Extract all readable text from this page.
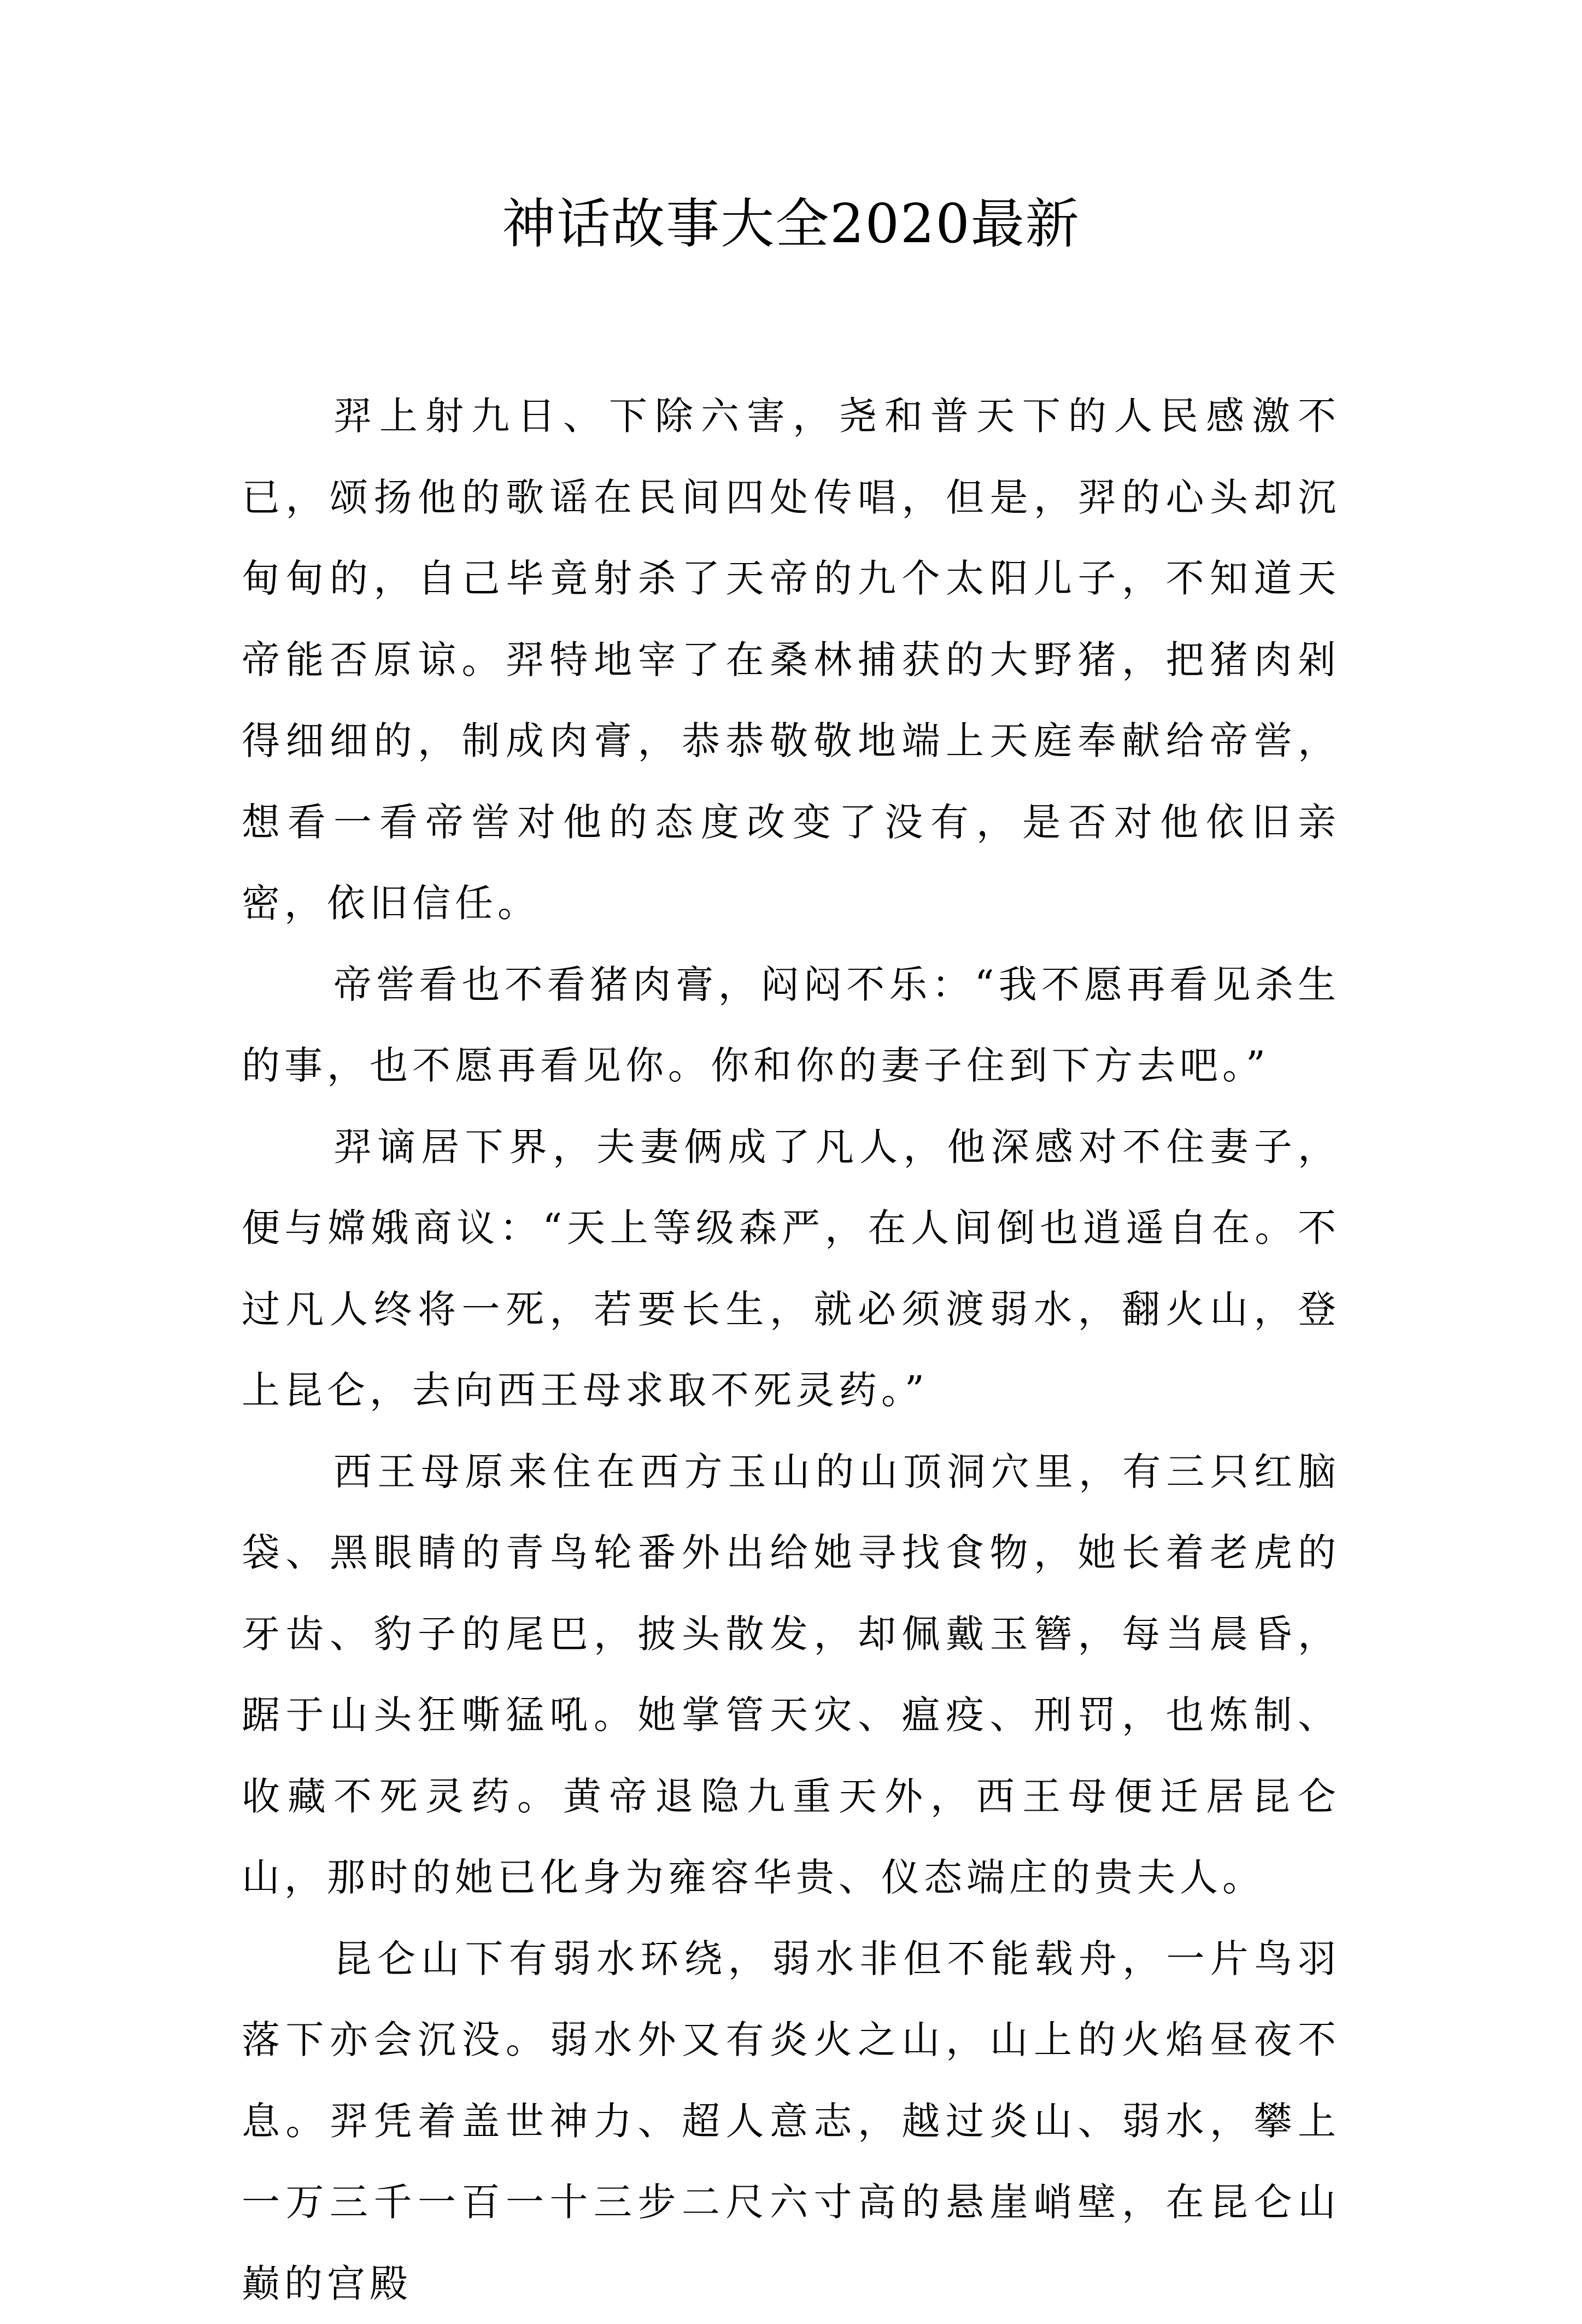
神话故事大全2020最新

羿上射九日、下除六害，尧和普天下的人民感激不已，颂扬他的歌谣在民间四处传唱，但是，羿的心头却沉甸甸的，自己毕竟射杀了天帝的九个太阳儿子，不知道天帝能否原谅。羿特地宰了在桑林捕获的大野猪，把猪肉剁得细细的，制成肉膏，恭恭敬敬地端上天庭奉献给帝喾，想看一看帝喾对他的态度改变了没有，是否对他依旧亲密，依旧信任。

帝喾看也不看猪肉膏，闷闷不乐：“我不愿再看见杀生的事，也不愿再看见你。你和你的妻子住到下方去吧。”

羿谪居下界，夫妻俩成了凡人，他深感对不住妻子，便与嫦娥商议：“天上等级森严，在人间倒也逍遥自在。不过凡人终将一死，若要长生，就必须渡弱水，翻火山，登上昆仑，去向西王母求取不死灵药。”

西王母原来住在西方玉山的山顶洞穴里，有三只红脑袋、黑眼睛的青鸟轮番外出给她寻找食物，她长着老虎的牙齿、豹子的尾巴，披头散发，却佩戴玉簪，每当晨昏，踞于山头狂嘶猛吼。她掌管天灾、瘟疫、刑罚，也炼制、收藏不死灵药。黄帝退隐九重天外，西王母便迁居昆仑山，那时的她已化身为雍容华贵、仪态端庄的贵夫人。

昆仑山下有弱水环绕，弱水非但不能载舟，一片鸟羽落下亦会沉没。弱水外又有炎火之山，山上的火焰昼夜不息。羿凭着盖世神力、超人意志，越过炎山、弱水，攀上一万三千一百一十三步二尺六寸高的悬崖峭壁，在昆仑山巅的宫殿
